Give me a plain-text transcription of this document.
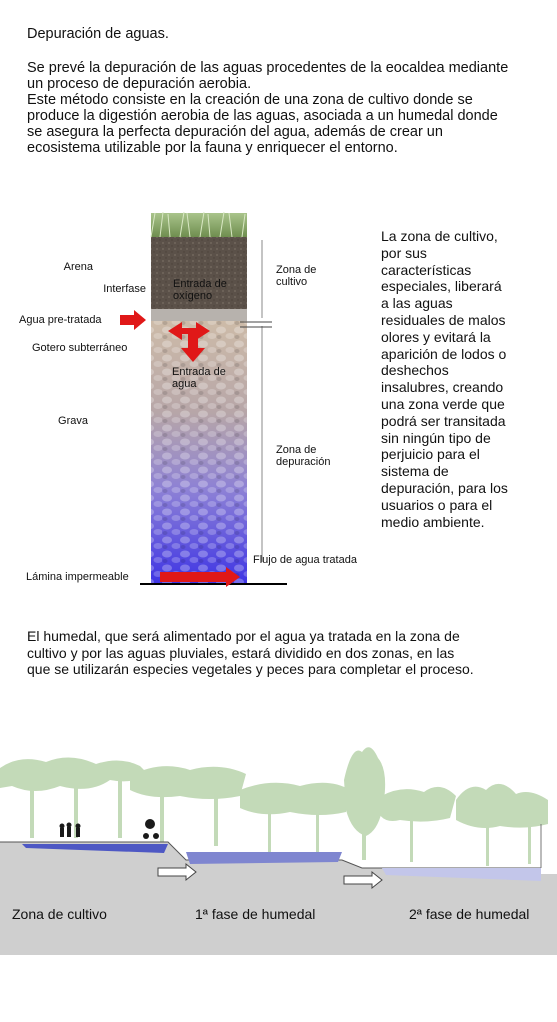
Depuración de aguas.
Se prevé la depuración de las aguas procedentes de la eocaldea mediante
un proceso de depuración aerobia.
Este método consiste en la creación de una zona de cultivo donde se
produce la digestión aerobia de las aguas, asociada a un humedal donde
se asegura la perfecta depuración del agua, además de crear un
ecosistema utilizable por la fauna y enriquecer el entorno.
Arena
Interfase
Agua pre-tratada
Gotero subterráneo
Grava
Lámina impermeable
Entrada de oxígeno
Entrada de agua
Zona de cultivo
Zona de depuración
Flujo de agua tratada
La zona de cultivo,
por sus
características
especiales, liberará
a las aguas
residuales de malos
olores y evitará la
aparición de lodos o
deshechos
insalubres, creando
una zona verde que
podrá ser transitada
sin ningún tipo de
perjuicio para el
sistema de
depuración, para los
usuarios o para el
medio ambiente.
El humedal, que será alimentado por el agua ya tratada en la zona de
cultivo y por las aguas pluviales, estará dividido en dos zonas, en las
que se utilizarán especies vegetales y peces para completar el proceso.
Zona de cultivo	1ª fase de humedal	2ª fase de humedal
